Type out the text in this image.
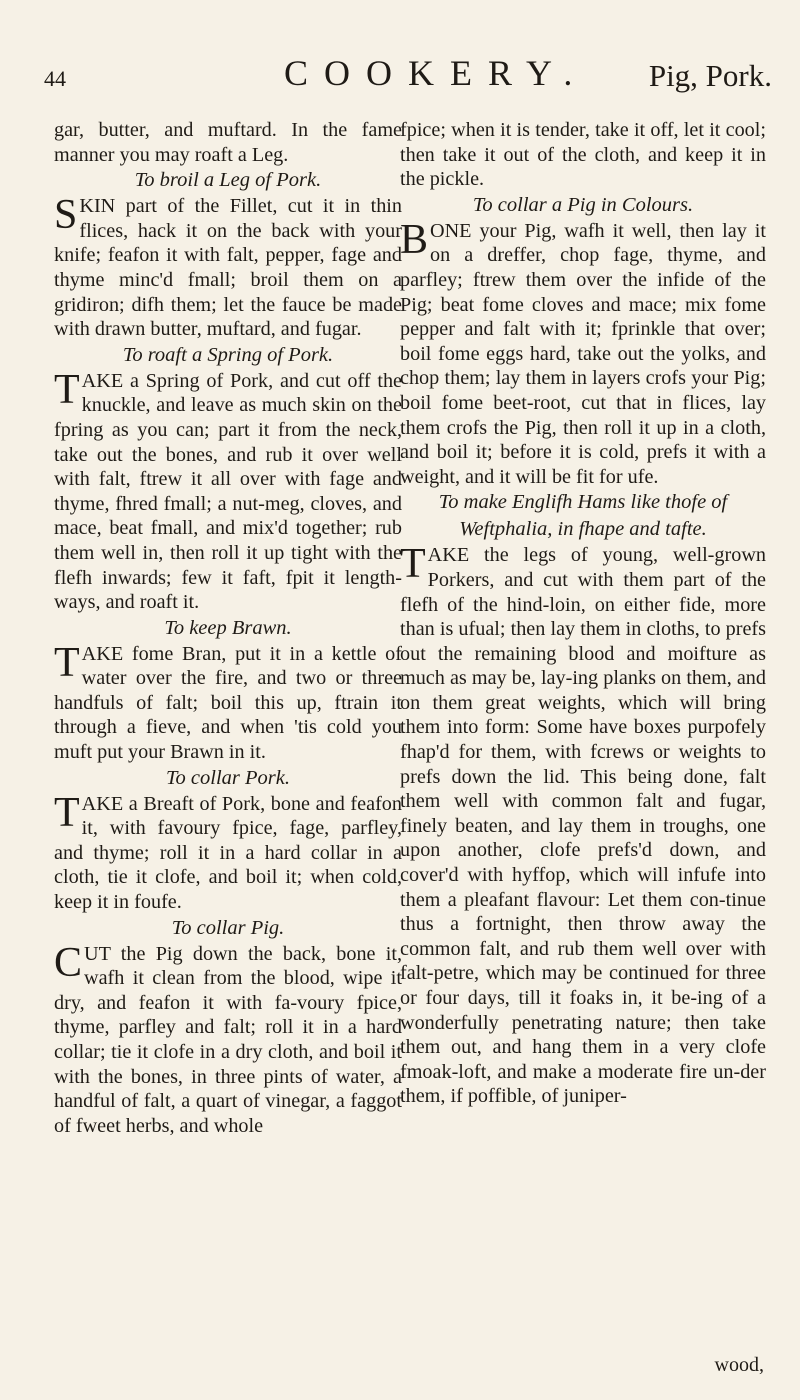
44	COOKERY. Pig, Pork.

gar, butter, and muftard. In the fame manner you may roaft a Leg.

To broil a Leg of Pork.

SKIN part of the Fillet, cut it in thin flices, hack it on the back with your knife; feafon it with falt, pepper, fage and thyme minc'd fmall; broil them on a gridiron; difh them; let the fauce be made with drawn butter, muftard, and fugar.

To roaft a Spring of Pork.

TAKE a Spring of Pork, and cut off the knuckle, and leave as much skin on the fpring as you can; part it from the neck, take out the bones, and rub it over well with falt, ftrew it all over with fage and thyme, fhred fmall; a nut-meg, cloves, and mace, beat fmall, and mix'd together; rub them well in, then roll it up tight with the flefh inwards; few it faft, fpit it length-ways, and roaft it.

To keep Brawn.

TAKE fome Bran, put it in a kettle of water over the fire, and two or three handfuls of falt; boil this up, ftrain it through a fieve, and when 'tis cold you muft put your Brawn in it.

To collar Pork.

TAKE a Breaft of Pork, bone and feafon it, with favoury fpice, fage, parfley, and thyme; roll it in a hard collar in a cloth, tie it clofe, and boil it; when cold, keep it in foufe.

To collar Pig.

CUT the Pig down the back, bone it, wafh it clean from the blood, wipe it dry, and feafon it with fa-voury fpice, thyme, parfley and falt; roll it in a hard collar; tie it clofe in a dry cloth, and boil it with the bones, in three pints of water, a handful of falt, a quart of vinegar, a faggot of fweet herbs, and whole

fpice; when it is tender, take it off, let it cool; then take it out of the cloth, and keep it in the pickle.

To collar a Pig in Colours.

BONE your Pig, wafh it well, then lay it on a dreffer, chop fage, thyme, and parfley; ftrew them over the infide of the Pig; beat fome cloves and mace; mix fome pepper and falt with it; fprinkle that over; boil fome eggs hard, take out the yolks, and chop them; lay them in layers crofs your Pig; boil fome beet-root, cut that in flices, lay them crofs the Pig, then roll it up in a cloth, and boil it; before it is cold, prefs it with a weight, and it will be fit for ufe.

To make Englifh Hams like thofe of Weftphalia, in fhape and tafte.

TAKE the legs of young, well-grown Porkers, and cut with them part of the flefh of the hind-loin, on either fide, more than is ufual; then lay them in cloths, to prefs out the remaining blood and moifture as much as may be, lay-ing planks on them, and on them great weights, which will bring them into form: Some have boxes purpofely fhap'd for them, with fcrews or weights to prefs down the lid. This being done, falt them well with common falt and fugar, finely beaten, and lay them in troughs, one upon another, clofe prefs'd down, and cover'd with hyffop, which will infufe into them a pleafant flavour: Let them con-tinue thus a fortnight, then throw away the common falt, and rub them well over with falt-petre, which may be continued for three or four days, till it foaks in, it be-ing of a wonderfully penetrating nature; then take them out, and hang them in a very clofe fmoak-loft, and make a moderate fire un-der them, if poffible, of juniper-

wood,
